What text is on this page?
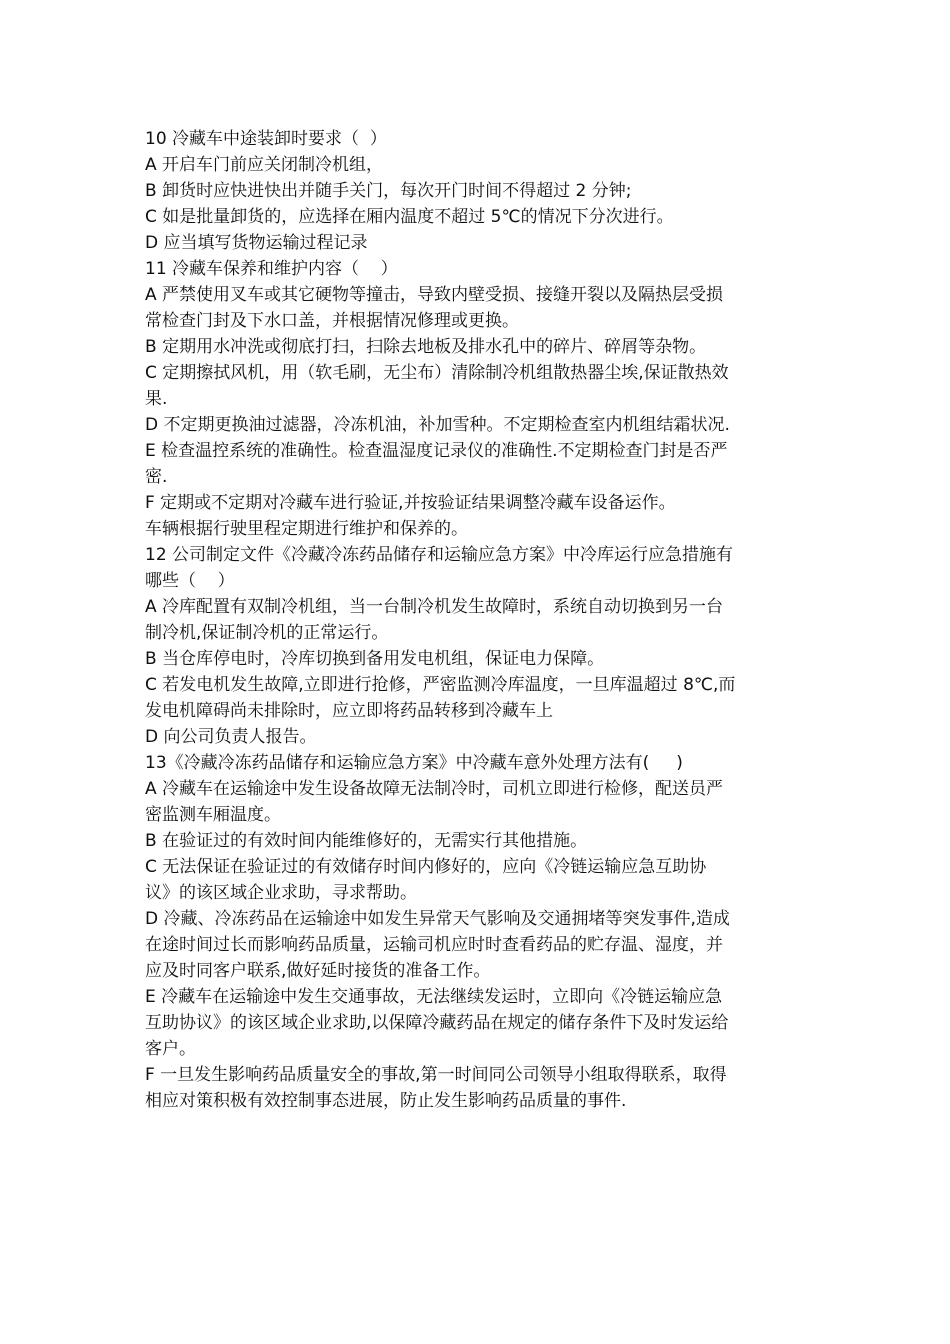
10 冷藏车中途装卸时要求（  ）
A 开启车门前应关闭制冷机组，
B 卸货时应快进快出并随手关门，每次开门时间不得超过 2 分钟;
C 如是批量卸货的，应选择在厢内温度不超过 5℃的情况下分次进行。
D 应当填写货物运输过程记录
11 冷藏车保养和维护内容（    ）
A 严禁使用叉车或其它硬物等撞击，导致内壁受损、接缝开裂以及隔热层受损
常检查门封及下水口盖，并根据情况修理或更换。
B 定期用水冲洗或彻底打扫，扫除去地板及排水孔中的碎片、碎屑等杂物。
C 定期擦拭风机，用（软毛刷，无尘布）清除制冷机组散热器尘埃,保证散热效
果.
D 不定期更换油过滤器，冷冻机油，补加雪种。不定期检查室内机组结霜状况.
E 检查温控系统的准确性。检查温湿度记录仪的准确性.不定期检查门封是否严
密.
F 定期或不定期对冷藏车进行验证,并按验证结果调整冷藏车设备运作。
车辆根据行驶里程定期进行维护和保养的。
12 公司制定文件《冷藏冷冻药品储存和运输应急方案》中冷库运行应急措施有
哪些（    ）
A 冷库配置有双制冷机组，当一台制冷机发生故障时，系统自动切换到另一台
制冷机,保证制冷机的正常运行。
B 当仓库停电时，冷库切换到备用发电机组，保证电力保障。
C 若发电机发生故障,立即进行抢修，严密监测冷库温度，一旦库温超过 8℃,而
发电机障碍尚未排除时，应立即将药品转移到冷藏车上
D 向公司负责人报告。
13《冷藏冷冻药品储存和运输应急方案》中冷藏车意外处理方法有(     )
A 冷藏车在运输途中发生设备故障无法制冷时，司机立即进行检修，配送员严
密监测车厢温度。
B 在验证过的有效时间内能维修好的，无需实行其他措施。
C 无法保证在验证过的有效储存时间内修好的，应向《冷链运输应急互助协
议》的该区域企业求助，寻求帮助。
D 冷藏、冷冻药品在运输途中如发生异常天气影响及交通拥堵等突发事件,造成
在途时间过长而影响药品质量，运输司机应时时查看药品的贮存温、湿度，并
应及时同客户联系,做好延时接货的准备工作。
E 冷藏车在运输途中发生交通事故，无法继续发运时，立即向《冷链运输应急
互助协议》的该区域企业求助,以保障冷藏药品在规定的储存条件下及时发运给
客户。
F 一旦发生影响药品质量安全的事故,第一时间同公司领导小组取得联系，取得
相应对策积极有效控制事态进展，防止发生影响药品质量的事件.
